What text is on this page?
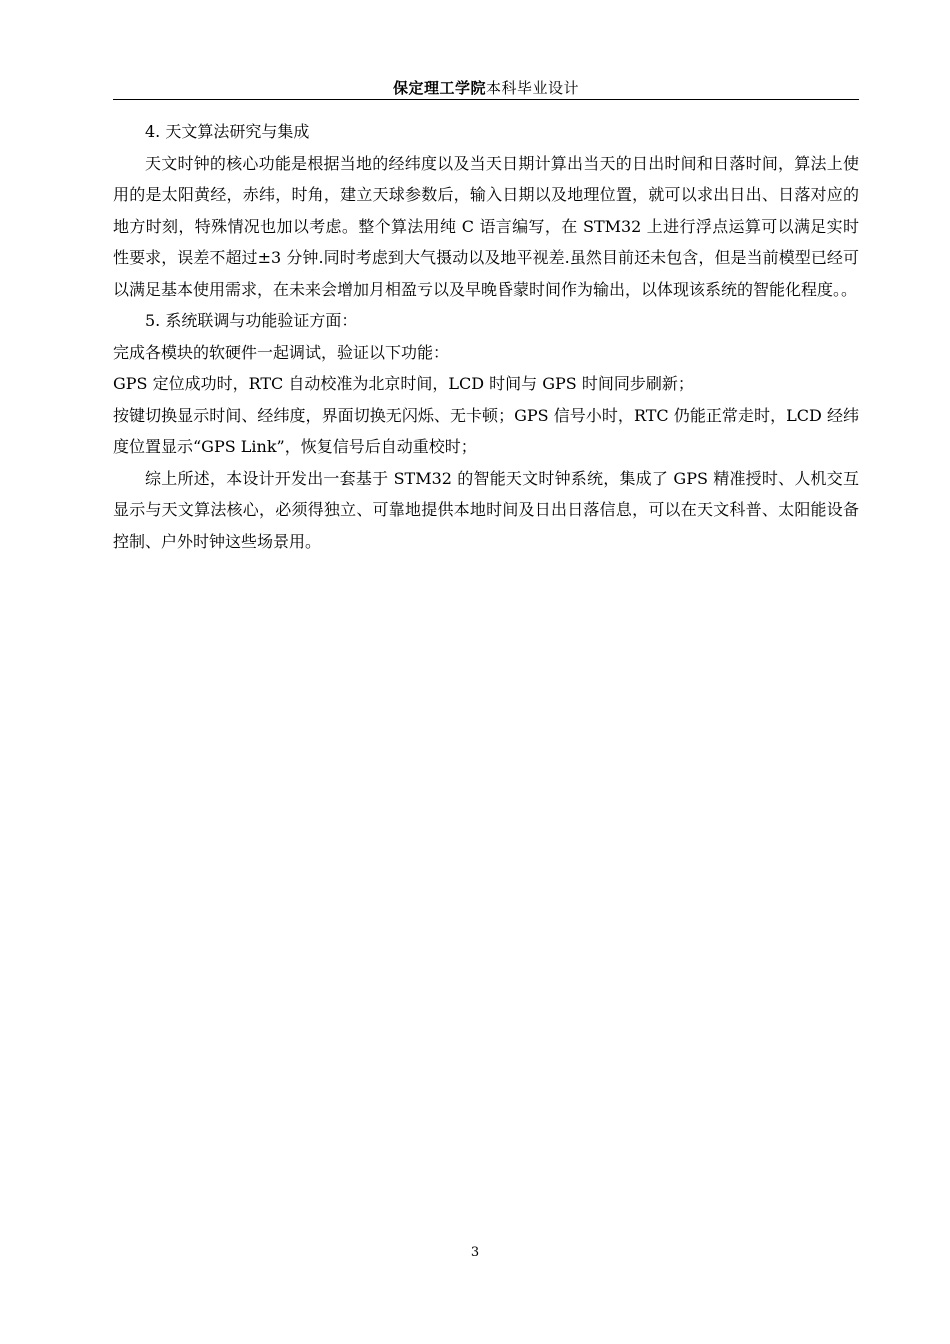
保定理工学院本科毕业设计

4. 天文算法研究与集成

天文时钟的核心功能是根据当地的经纬度以及当天日期计算出当天的日出时间和日落时间，算法上使用的是太阳黄经，赤纬，时角，建立天球参数后，输入日期以及地理位置，就可以求出日出、日落对应的地方时刻，特殊情况也加以考虑。整个算法用纯 C 语言编写，在 STM32 上进行浮点运算可以满足实时性要求，误差不超过±3 分钟.同时考虑到大气摄动以及地平视差.虽然目前还未包含，但是当前模型已经可以满足基本使用需求，在未来会增加月相盈亏以及早晚昏蒙时间作为输出，以体现该系统的智能化程度。。

5. 系统联调与功能验证方面：

完成各模块的软硬件一起调试，验证以下功能：

GPS 定位成功时，RTC 自动校准为北京时间，LCD 时间与 GPS 时间同步刷新；

按键切换显示时间、经纬度，界面切换无闪烁、无卡顿；GPS 信号小时，RTC 仍能正常走时，LCD 经纬度位置显示“GPS Link”，恢复信号后自动重校时；

综上所述，本设计开发出一套基于 STM32 的智能天文时钟系统，集成了 GPS 精准授时、人机交互显示与天文算法核心，必须得独立、可靠地提供本地时间及日出日落信息，可以在天文科普、太阳能设备控制、户外时钟这些场景用。

3
